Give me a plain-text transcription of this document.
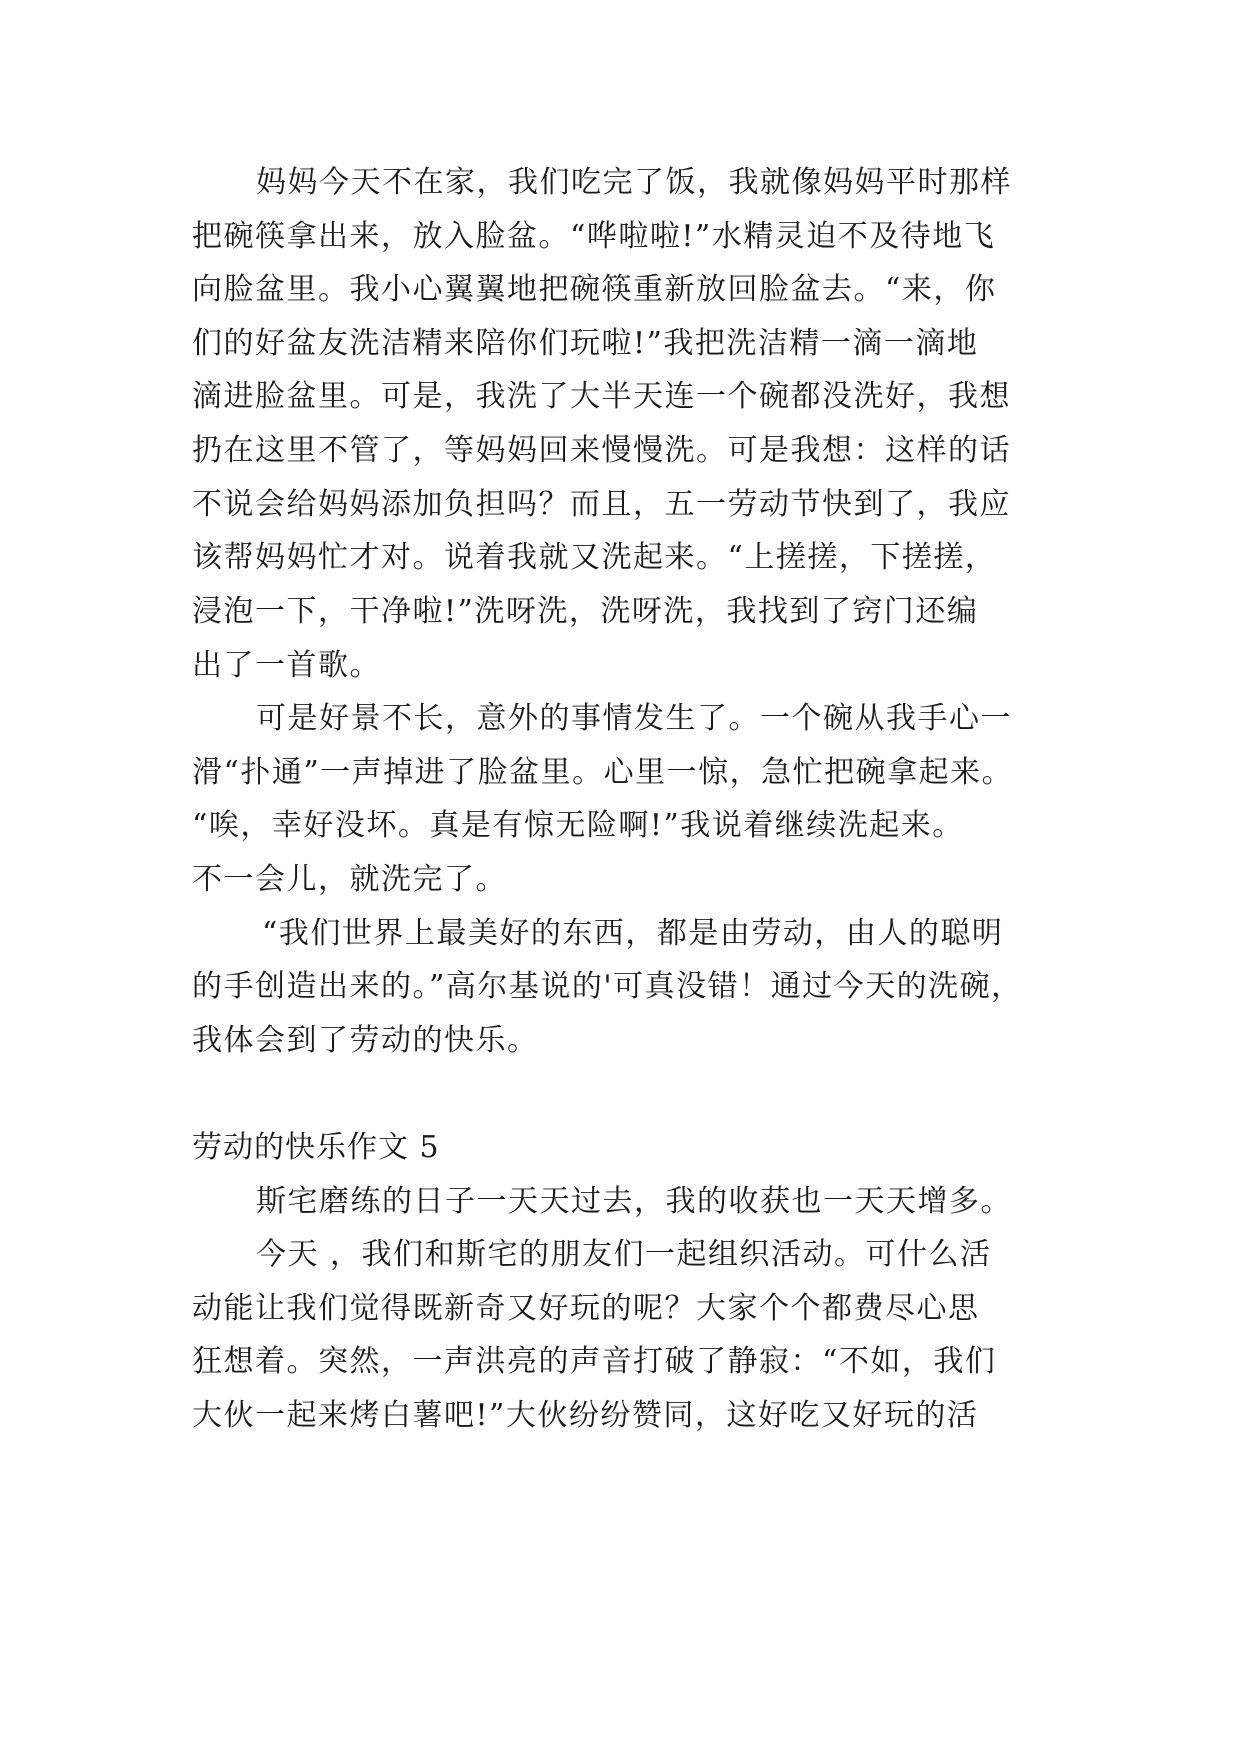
妈妈今天不在家，我们吃完了饭，我就像妈妈平时那样
把碗筷拿出来，放入脸盆。“哗啦啦!”水精灵迫不及待地飞
向脸盆里。我小心翼翼地把碗筷重新放回脸盆去。“来，你
们的好盆友洗洁精来陪你们玩啦!”我把洗洁精一滴一滴地
滴进脸盆里。可是，我洗了大半天连一个碗都没洗好，我想
扔在这里不管了，等妈妈回来慢慢洗。可是我想：这样的话
不说会给妈妈添加负担吗？而且，五一劳动节快到了，我应
该帮妈妈忙才对。说着我就又洗起来。“上搓搓，下搓搓，
浸泡一下，干净啦!”洗呀洗，洗呀洗，我找到了窍门还编
出了一首歌。
可是好景不长，意外的事情发生了。一个碗从我手心一
滑“扑通”一声掉进了脸盆里。心里一惊，急忙把碗拿起来。
“唉，幸好没坏。真是有惊无险啊!”我说着继续洗起来。
不一会儿，就洗完了。
“我们世界上最美好的东西，都是由劳动，由人的聪明
的手创造出来的。”高尔基说的'可真没错！通过今天的洗碗，
我体会到了劳动的快乐。
劳动的快乐作文 5
斯宅磨练的日子一天天过去，我的收获也一天天增多。
今天 ，我们和斯宅的朋友们一起组织活动。可什么活
动能让我们觉得既新奇又好玩的呢？大家个个都费尽心思
狂想着。突然，一声洪亮的声音打破了静寂：“不如，我们
大伙一起来烤白薯吧!”大伙纷纷赞同，这好吃又好玩的活
